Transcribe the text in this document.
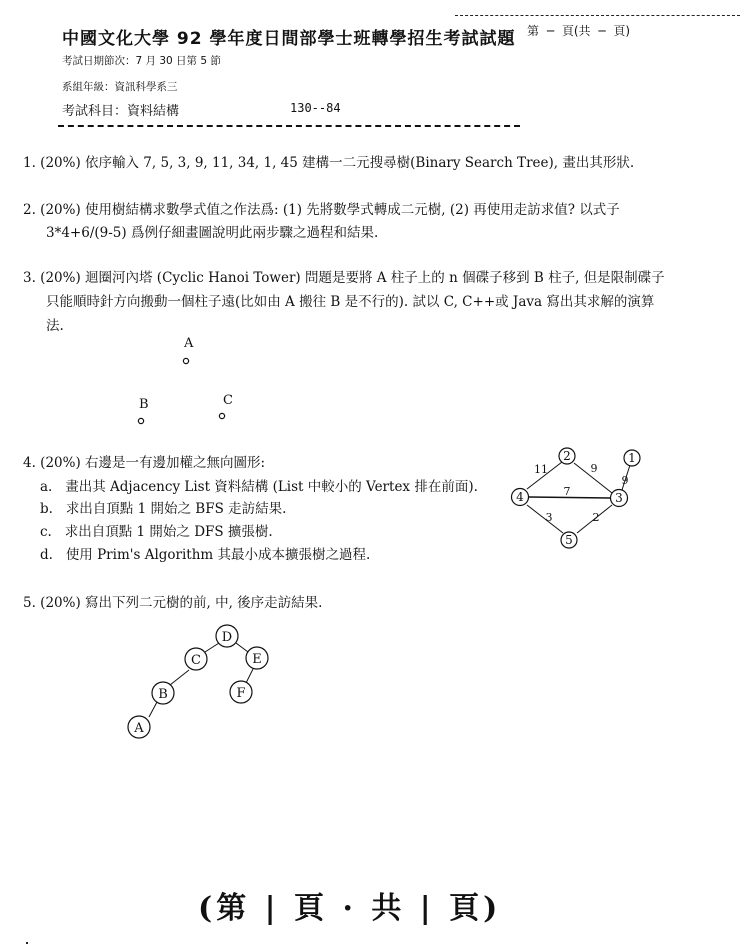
中國文化大學 92 學年度日間部學士班轉學招生考試試題 第 ─ 頁(共 ─ 頁)
考試日期節次：7 月 30 日第 5 節
系組年級：資訊科學系三
考試科目：資料結構	130--84
1. (20%) 依序輸入 7, 5, 3, 9, 11, 34, 1, 45 建構一二元搜尋樹(Binary Search Tree), 畫出其形狀.
2. (20%) 使用樹結構求數學式值之作法爲: (1) 先將數學式轉成二元樹, (2) 再使用走訪求值? 以式子
3*4+6/(9-5) 爲例仔細畫圖說明此兩步驟之過程和結果.
3. (20%) 迴圈河內塔 (Cyclic Hanoi Tower) 問題是要將 A 柱子上的 n 個碟子移到 B 柱子, 但是限制碟子
只能順時針方向搬動一個柱子遠(比如由 A 搬往 B 是不行的). 試以 C, C++或 Java 寫出其求解的演算
法.
A
B	C
4. (20%) 右邊是一有邊加權之無向圖形:
a. 畫出其 Adjacency List 資料結構 (List 中較小的 Vertex 排在前面).
b. 求出自頂點 1 開始之 BFS 走訪結果.
c. 求出自頂點 1 開始之 DFS 擴張樹.
d. 使用 Prim's Algorithm 其最小成本擴張樹之過程.
1
2
3
4
5
11	9
9
7
3	2
5. (20%) 寫出下列二元樹的前, 中, 後序走訪結果.
D
C	E
B	F
A
(第 | 頁 · 共 | 頁)
